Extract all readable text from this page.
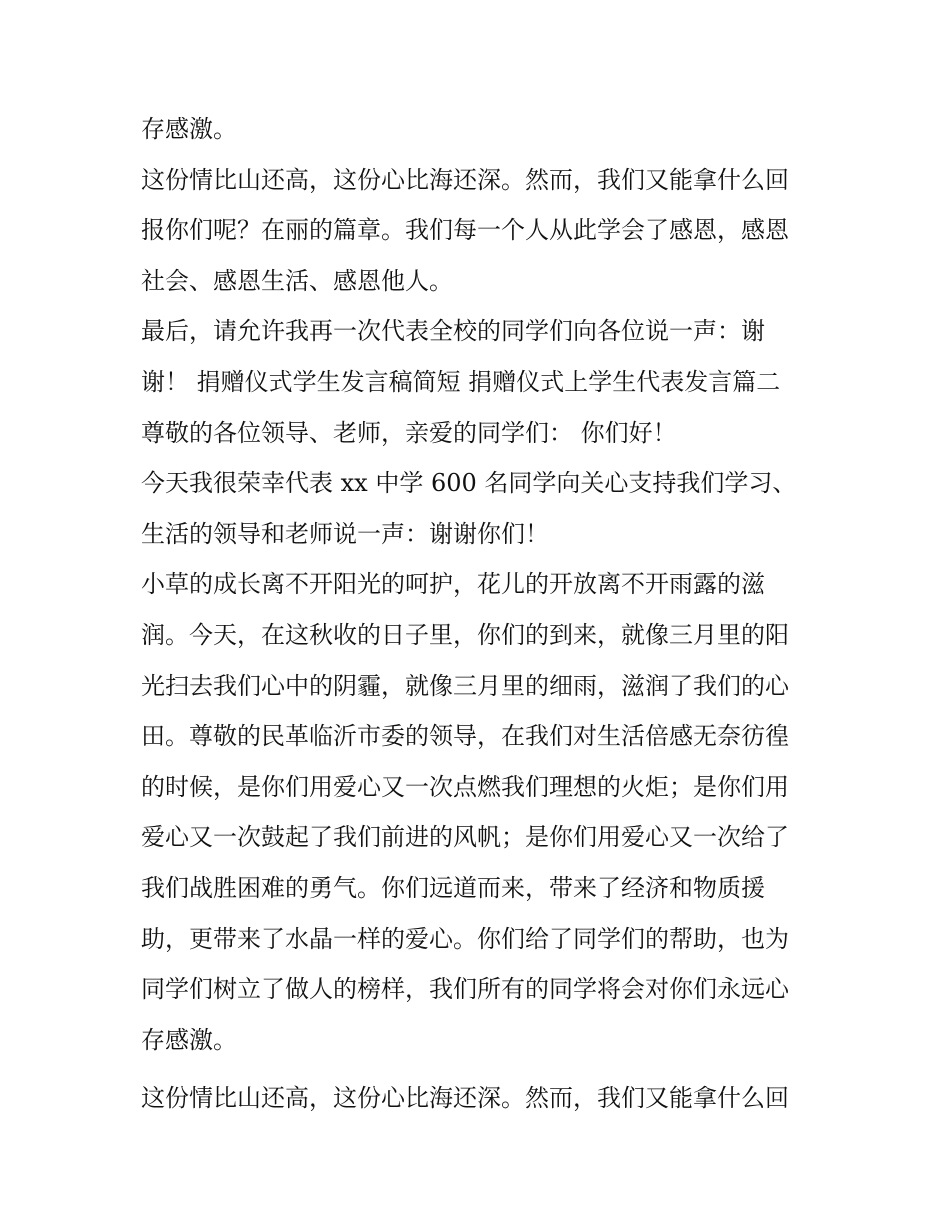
存感激。
这份情比山还高，这份心比海还深。然而，我们又能拿什么回
报你们呢？在丽的篇章。我们每一个人从此学会了感恩，感恩
社会、感恩生活、感恩他人。
最后，请允许我再一次代表全校的同学们向各位说一声：谢
谢！ 捐赠仪式学生发言稿简短 捐赠仪式上学生代表发言篇二
尊敬的各位领导、老师，亲爱的同学们： 你们好！
今天我很荣幸代表 xx 中学 600 名同学向关心支持我们学习、
生活的领导和老师说一声：谢谢你们！
小草的成长离不开阳光的呵护，花儿的开放离不开雨露的滋
润。今天，在这秋收的日子里，你们的到来，就像三月里的阳
光扫去我们心中的阴霾，就像三月里的细雨，滋润了我们的心
田。尊敬的民革临沂市委的领导，在我们对生活倍感无奈彷徨
的时候，是你们用爱心又一次点燃我们理想的火炬；是你们用
爱心又一次鼓起了我们前进的风帆；是你们用爱心又一次给了
我们战胜困难的勇气。你们远道而来，带来了经济和物质援
助，更带来了水晶一样的爱心。你们给了同学们的帮助，也为
同学们树立了做人的榜样，我们所有的同学将会对你们永远心
存感激。
这份情比山还高，这份心比海还深。然而，我们又能拿什么回
